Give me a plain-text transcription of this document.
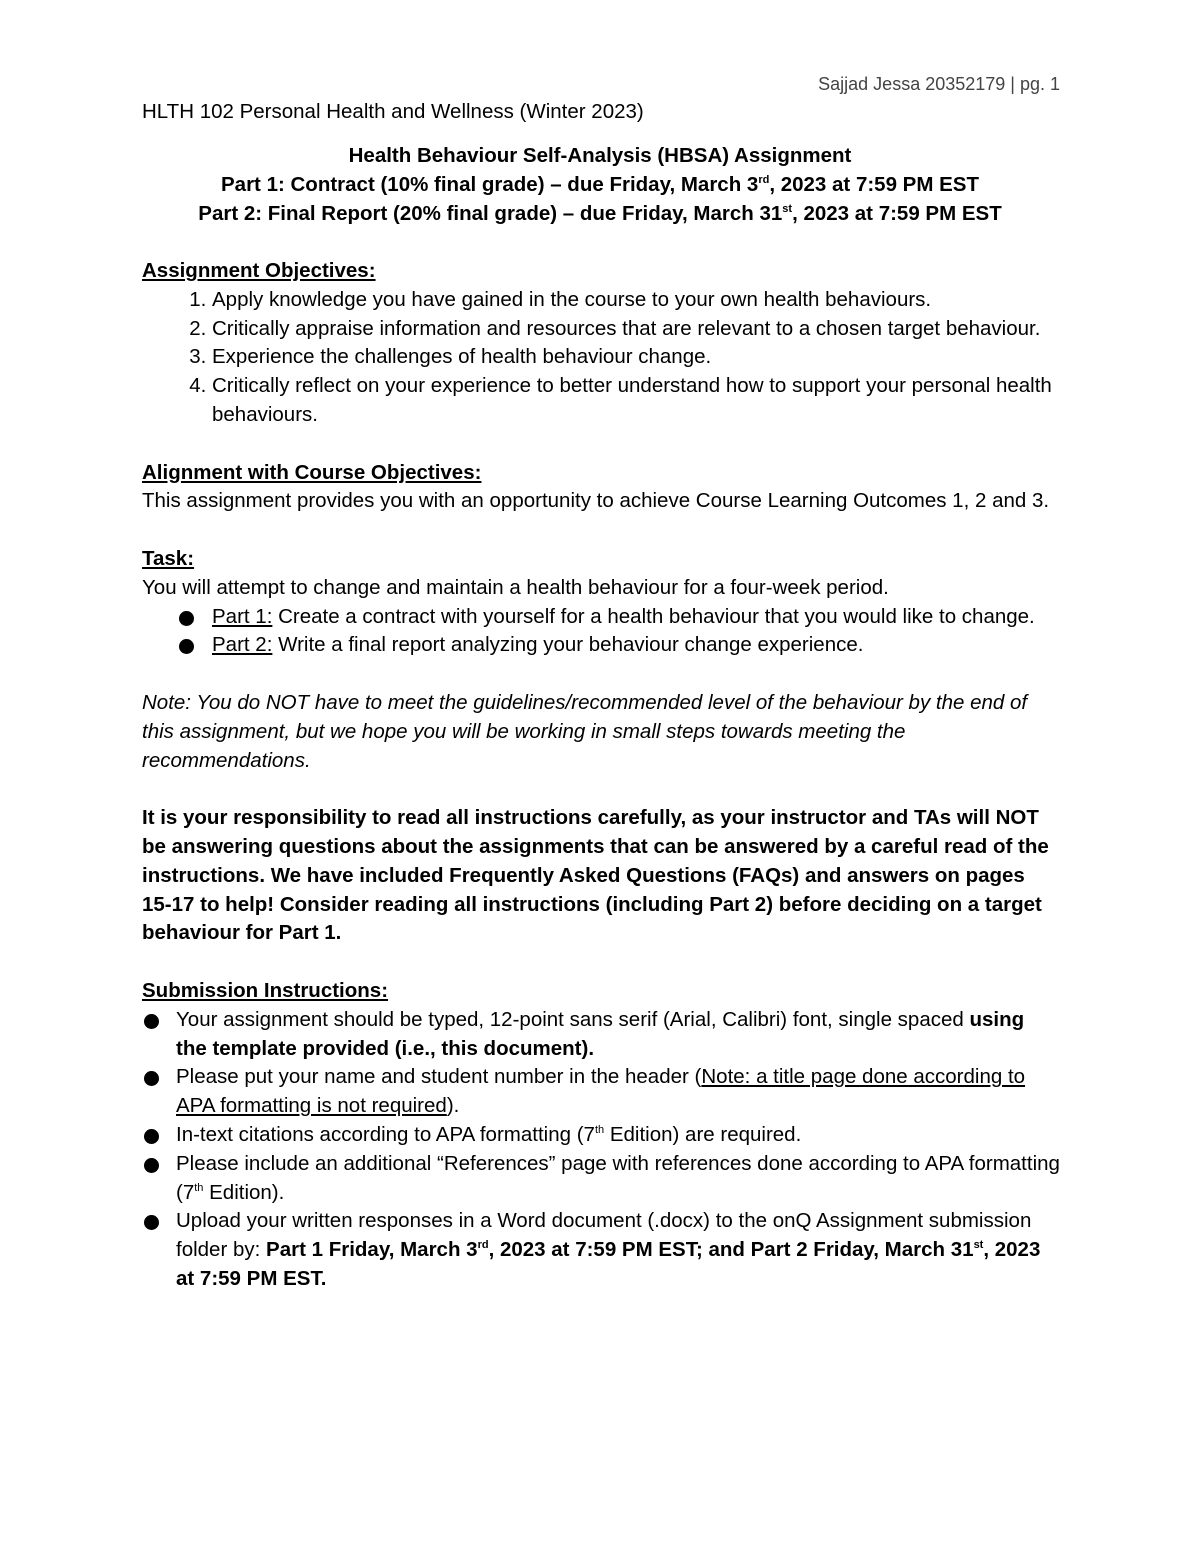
Sajjad Jessa 20352179 | pg. 1
HLTH 102 Personal Health and Wellness (Winter 2023)
Health Behaviour Self-Analysis (HBSA) Assignment
Part 1: Contract (10% final grade) – due Friday, March 3rd, 2023 at 7:59 PM EST
Part 2: Final Report (20% final grade) – due Friday, March 31st, 2023 at 7:59 PM EST

Assignment Objectives:

1. Apply knowledge you have gained in the course to your own health behaviours.
2. Critically appraise information and resources that are relevant to a chosen target behaviour.
3. Experience the challenges of health behaviour change.
4. Critically reflect on your experience to better understand how to support your personal health behaviours.

Alignment with Course Objectives:

This assignment provides you with an opportunity to achieve Course Learning Outcomes 1, 2 and 3.

Task:

You will attempt to change and maintain a health behaviour for a four-week period.

Part 1: Create a contract with yourself for a health behaviour that you would like to change.
Part 2: Write a final report analyzing your behaviour change experience.

Note: You do NOT have to meet the guidelines/recommended level of the behaviour by the end of this assignment, but we hope you will be working in small steps towards meeting the recommendations.

It is your responsibility to read all instructions carefully, as your instructor and TAs will NOT be answering questions about the assignments that can be answered by a careful read of the instructions. We have included Frequently Asked Questions (FAQs) and answers on pages 15-17 to help! Consider reading all instructions (including Part 2) before deciding on a target behaviour for Part 1.

Submission Instructions:

Your assignment should be typed, 12-point sans serif (Arial, Calibri) font, single spaced using the template provided (i.e., this document).
Please put your name and student number in the header (Note: a title page done according to APA formatting is not required).
In-text citations according to APA formatting (7th Edition) are required.
Please include an additional “References” page with references done according to APA formatting (7th Edition).
Upload your written responses in a Word document (.docx) to the onQ Assignment submission folder by: Part 1 Friday, March 3rd, 2023 at 7:59 PM EST; and Part 2 Friday, March 31st, 2023 at 7:59 PM EST.
